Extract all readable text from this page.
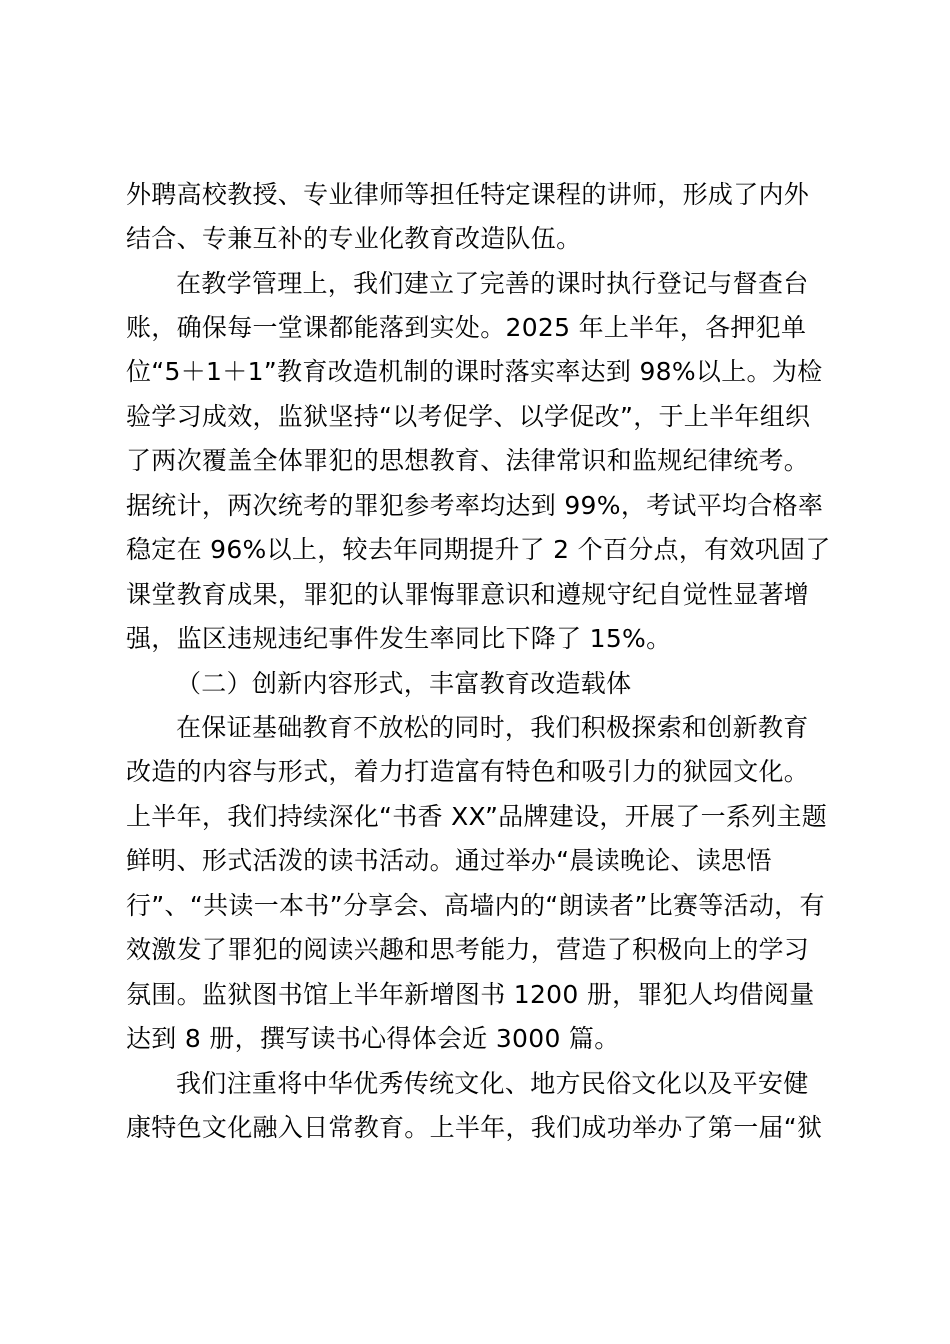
外聘高校教授、专业律师等担任特定课程的讲师，形成了内外
结合、专兼互补的专业化教育改造队伍。
在教学管理上，我们建立了完善的课时执行登记与督查台
账，确保每一堂课都能落到实处。2025 年上半年，各押犯单
位“5＋1＋1”教育改造机制的课时落实率达到 98%以上。为检
验学习成效，监狱坚持“以考促学、以学促改”，于上半年组织
了两次覆盖全体罪犯的思想教育、法律常识和监规纪律统考。
据统计，两次统考的罪犯参考率均达到 99%，考试平均合格率
稳定在 96%以上，较去年同期提升了 2 个百分点，有效巩固了
课堂教育成果，罪犯的认罪悔罪意识和遵规守纪自觉性显著增
强，监区违规违纪事件发生率同比下降了 15%。
（二）创新内容形式，丰富教育改造载体
在保证基础教育不放松的同时，我们积极探索和创新教育
改造的内容与形式，着力打造富有特色和吸引力的狱园文化。
上半年，我们持续深化“书香 XX”品牌建设，开展了一系列主题
鲜明、形式活泼的读书活动。通过举办“晨读晚论、读思悟
行”、“共读一本书”分享会、高墙内的“朗读者”比赛等活动，有
效激发了罪犯的阅读兴趣和思考能力，营造了积极向上的学习
氛围。监狱图书馆上半年新增图书 1200 册，罪犯人均借阅量
达到 8 册，撰写读书心得体会近 3000 篇。
我们注重将中华优秀传统文化、地方民俗文化以及平安健
康特色文化融入日常教育。上半年，我们成功举办了第一届“狱
